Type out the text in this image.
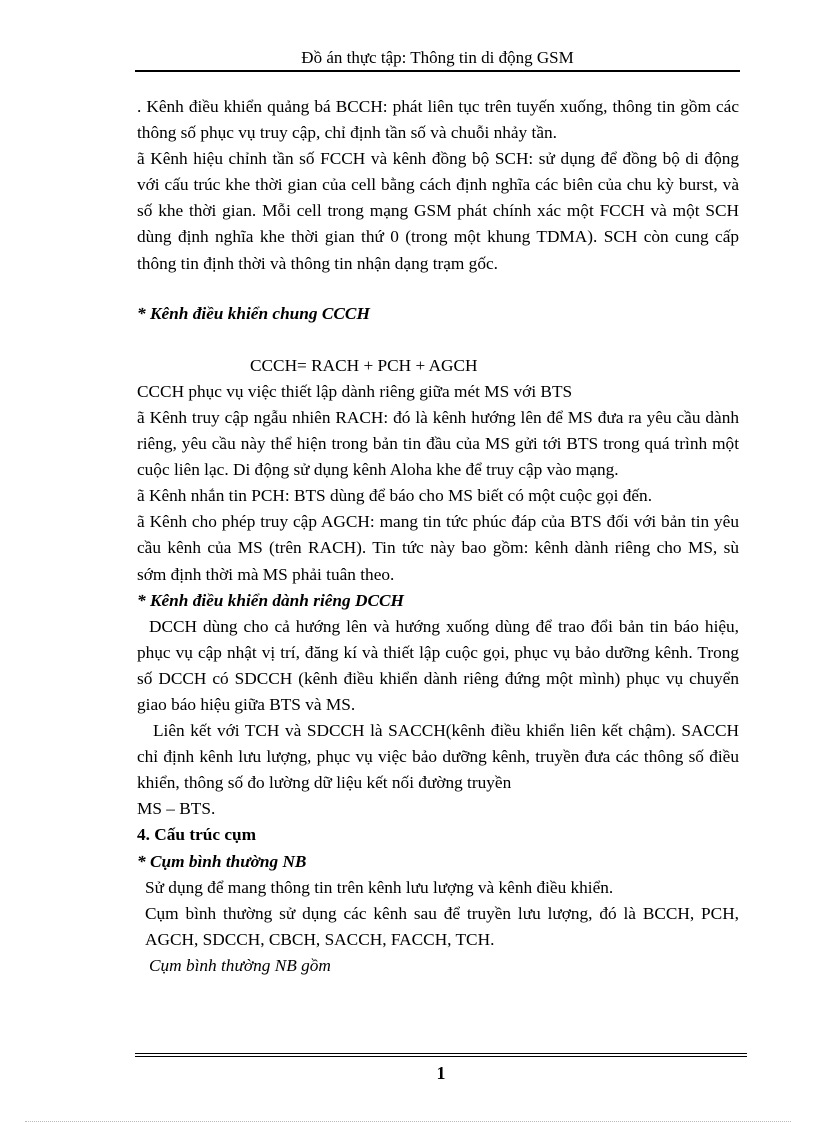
Đồ án thực tập: Thông tin di động GSM

. Kênh điều khiển quảng bá BCCH: phát liên tục trên tuyến xuống, thông tin gồm các thông số phục vụ truy cập, chỉ định tần số và chuỗi nhảy tần.

ã Kênh hiệu chỉnh tần số FCCH và kênh đồng bộ SCH: sử dụng để đồng bộ di động với cấu trúc khe thời gian của cell bằng cách định nghĩa các biên của chu kỳ burst, và số khe thời gian. Mỗi cell trong mạng GSM phát chính xác một FCCH và một SCH dùng định nghĩa khe thời gian thứ 0 (trong một khung TDMA). SCH còn cung cấp thông tin định thời và thông tin nhận dạng trạm gốc.

* Kênh điều khiển chung CCCH

CCCH= RACH + PCH + AGCH

CCCH phục vụ việc thiết lập dành riêng giữa mét MS với BTS

ã Kênh truy cập ngẫu nhiên RACH: đó là kênh hướng lên để MS đưa ra yêu cầu dành riêng, yêu cầu này thể hiện trong bản tin đầu của MS gửi tới BTS trong quá trình một cuộc liên lạc. Di động sử dụng kênh Aloha khe để truy cập vào mạng.

ã Kênh nhắn tin PCH: BTS dùng để báo cho MS biết có một cuộc gọi đến.

ã Kênh cho phép truy cập AGCH: mang tin tức phúc đáp của BTS đối với bản tin yêu cầu kênh của MS (trên RACH). Tin tức này bao gồm: kênh dành riêng cho MS, sù sớm định thời mà MS phải tuân theo.

* Kênh điều khiển dành riêng DCCH

DCCH dùng cho cả hướng lên và hướng xuống dùng để trao đổi bản tin báo hiệu, phục vụ cập nhật vị trí, đăng kí và thiết lập cuộc gọi, phục vụ bảo dưỡng kênh. Trong số DCCH có SDCCH (kênh điều khiển dành riêng đứng một mình) phục vụ chuyển giao báo hiệu giữa BTS và MS.

Liên kết với TCH và SDCCH là SACCH(kênh điều khiển liên kết chậm). SACCH chỉ định kênh lưu lượng, phục vụ việc bảo dưỡng kênh, truyền đưa các thông số điều khiển, thông số đo lường dữ liệu kết nối đường truyền

MS – BTS.

4. Cấu trúc cụm

* Cụm bình thường NB

Sử dụng để mang thông tin trên kênh lưu lượng và kênh điều khiển.

Cụm bình thường sử dụng các kênh sau để truyền lưu lượng, đó là BCCH, PCH, AGCH, SDCCH, CBCH, SACCH, FACCH, TCH.

Cụm bình thường NB gồm

1
